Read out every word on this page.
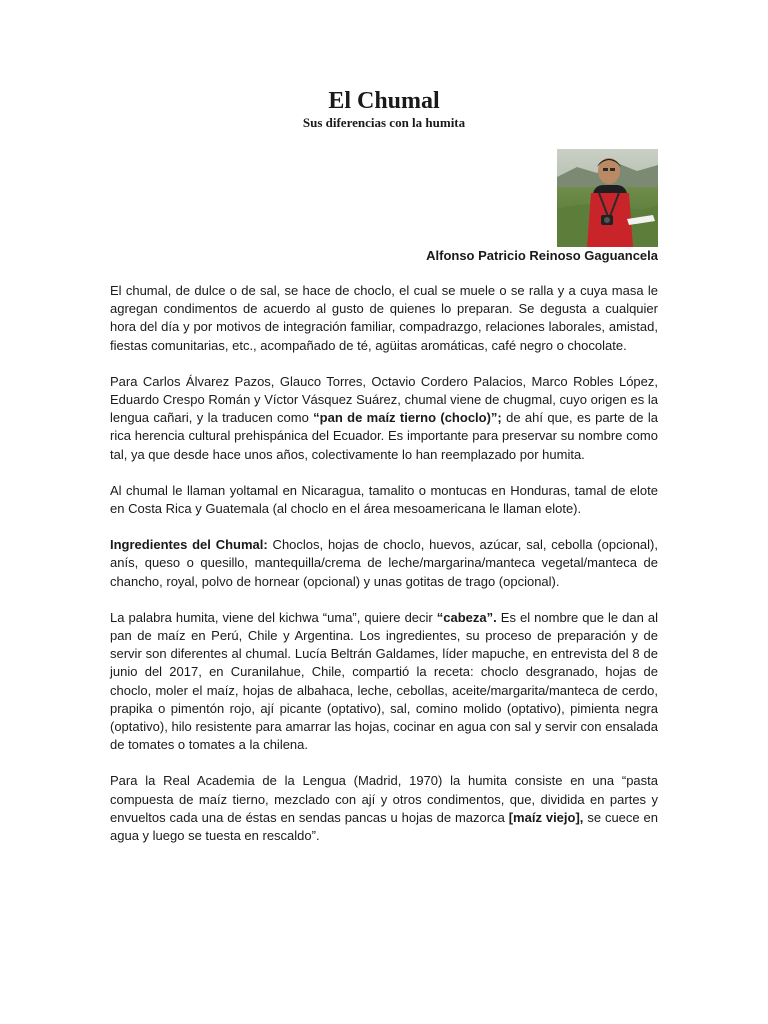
El Chumal
Sus diferencias con la humita
Alfonso Patricio Reinoso Gaguancela

El chumal, de dulce o de sal, se hace de choclo, el cual se muele o se ralla y a cuya masa le agregan condimentos de acuerdo al gusto de quienes lo preparan. Se degusta a cualquier hora del día y por motivos de integración familiar, compadrazgo, relaciones laborales, amistad, fiestas comunitarias, etc., acompañado de té, agüitas aromáticas, café negro o chocolate.

Para Carlos Álvarez Pazos, Glauco Torres, Octavio Cordero Palacios, Marco Robles López, Eduardo Crespo Román y Víctor Vásquez Suárez, chumal viene de chugmal, cuyo origen es la lengua cañari, y la traducen como “pan de maíz tierno (choclo)”; de ahí que, es parte de la rica herencia cultural prehispánica del Ecuador. Es importante para preservar su nombre como tal, ya que desde hace unos años, colectivamente lo han reemplazado por humita.

Al chumal le llaman yoltamal en Nicaragua, tamalito o montucas en Honduras, tamal de elote en Costa Rica y Guatemala (al choclo en el área mesoamericana le llaman elote).

Ingredientes del Chumal: Choclos, hojas de choclo, huevos, azúcar, sal, cebolla (opcional), anís, queso o quesillo, mantequilla/crema de leche/margarina/manteca vegetal/manteca de chancho, royal, polvo de hornear (opcional) y unas gotitas de trago (opcional).

La palabra humita, viene del kichwa “uma”, quiere decir “cabeza”. Es el nombre que le dan al pan de maíz en Perú, Chile y Argentina. Los ingredientes, su proceso de preparación y de servir son diferentes al chumal. Lucía Beltrán Galdames, líder mapuche, en entrevista del 8 de junio del 2017, en Curanilahue, Chile, compartió la receta: choclo desgranado, hojas de choclo, moler el maíz, hojas de albahaca, leche, cebollas, aceite/margarita/manteca de cerdo, prapika o pimentón rojo, ají picante (optativo), sal, comino molido (optativo), pimienta negra (optativo), hilo resistente para amarrar las hojas, cocinar en agua con sal y servir con ensalada de tomates o tomates a la chilena.

Para la Real Academia de la Lengua (Madrid, 1970) la humita consiste en una “pasta compuesta de maíz tierno, mezclado con ají y otros condimentos, que, dividida en partes y envueltos cada una de éstas en sendas pancas u hojas de mazorca [maíz viejo], se cuece en agua y luego se tuesta en rescaldo”.
